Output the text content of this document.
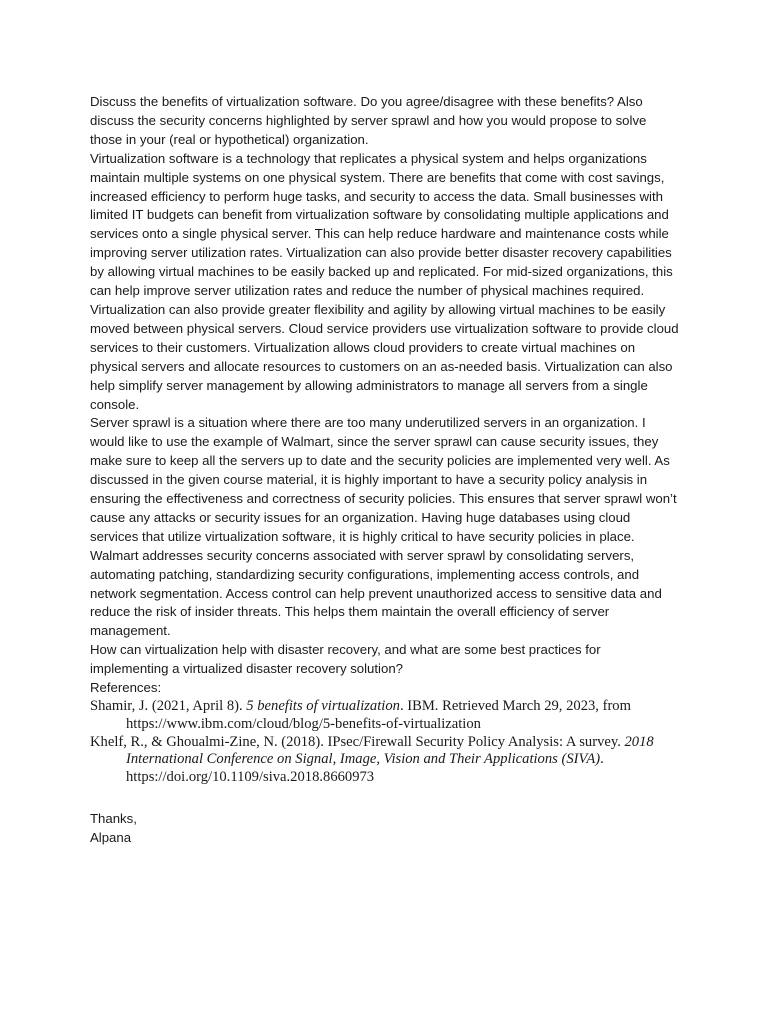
Discuss the benefits of virtualization software. Do you agree/disagree with these benefits? Also discuss the security concerns highlighted by server sprawl and how you would propose to solve those in your (real or hypothetical) organization.

Virtualization software is a technology that replicates a physical system and helps organizations maintain multiple systems on one physical system. There are benefits that come with cost savings, increased efficiency to perform huge tasks, and security to access the data. Small businesses with limited IT budgets can benefit from virtualization software by consolidating multiple applications and services onto a single physical server. This can help reduce hardware and maintenance costs while improving server utilization rates. Virtualization can also provide better disaster recovery capabilities by allowing virtual machines to be easily backed up and replicated. For mid-sized organizations, this can help improve server utilization rates and reduce the number of physical machines required. Virtualization can also provide greater flexibility and agility by allowing virtual machines to be easily moved between physical servers. Cloud service providers use virtualization software to provide cloud services to their customers. Virtualization allows cloud providers to create virtual machines on physical servers and allocate resources to customers on an as-needed basis. Virtualization can also help simplify server management by allowing administrators to manage all servers from a single console.

Server sprawl is a situation where there are too many underutilized servers in an organization. I would like to use the example of Walmart, since the server sprawl can cause security issues, they make sure to keep all the servers up to date and the security policies are implemented very well. As discussed in the given course material, it is highly important to have a security policy analysis in ensuring the effectiveness and correctness of security policies. This ensures that server sprawl won’t cause any attacks or security issues for an organization. Having huge databases using cloud services that utilize virtualization software, it is highly critical to have security policies in place. Walmart addresses security concerns associated with server sprawl by consolidating servers, automating patching, standardizing security configurations, implementing access controls, and network segmentation. Access control can help prevent unauthorized access to sensitive data and reduce the risk of insider threats. This helps them maintain the overall efficiency of server management.

How can virtualization help with disaster recovery, and what are some best practices for implementing a virtualized disaster recovery solution?

References:

Shamir, J. (2021, April 8). 5 benefits of virtualization. IBM. Retrieved March 29, 2023, from https://www.ibm.com/cloud/blog/5-benefits-of-virtualization

Khelf, R., & Ghoualmi-Zine, N. (2018). IPsec/Firewall Security Policy Analysis: A survey. 2018 International Conference on Signal, Image, Vision and Their Applications (SIVA). https://doi.org/10.1109/siva.2018.8660973

Thanks,

Alpana
